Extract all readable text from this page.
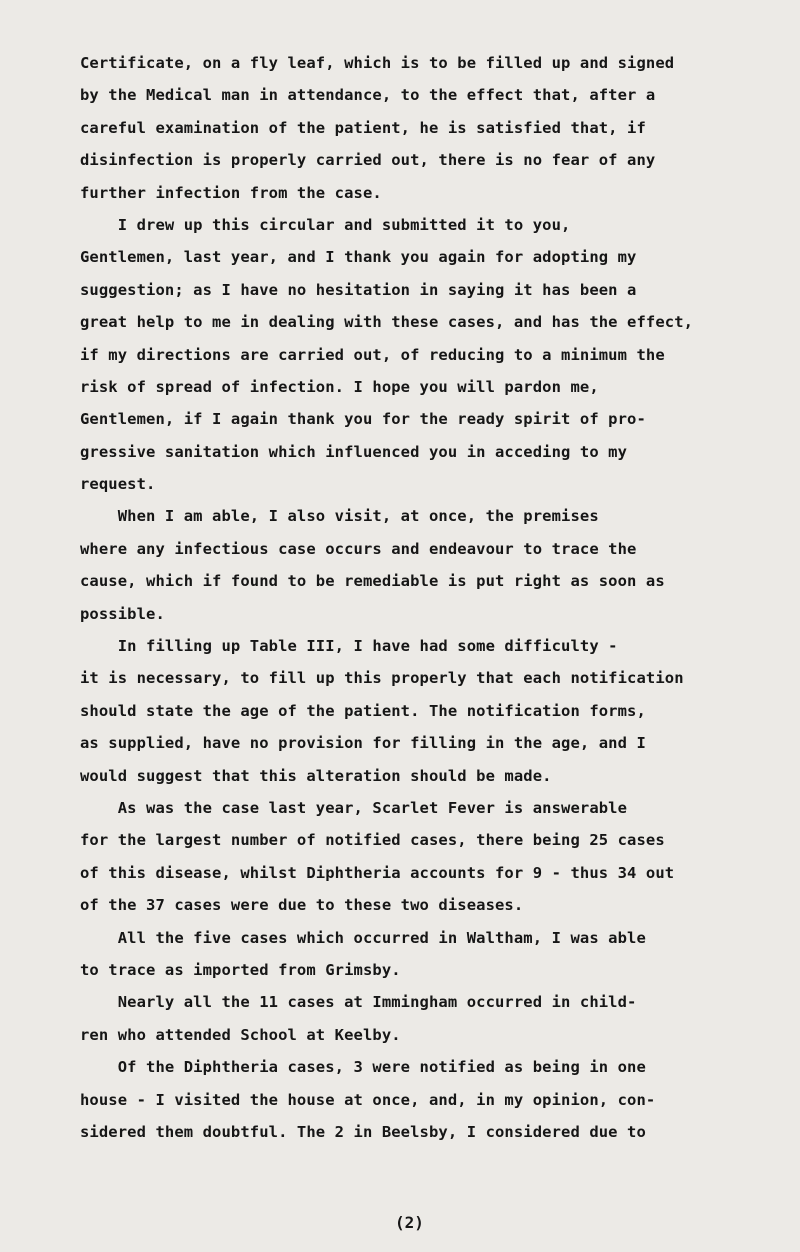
Certificate, on a fly leaf, which is to be filled up and signed
by the Medical man in attendance, to the effect that, after a
careful examination of the patient, he is satisfied that, if
disinfection is properly carried out, there is no fear of any
further infection from the case.
I drew up this circular and submitted it to you,
Gentlemen, last year, and I thank you again for adopting my
suggestion; as I have no hesitation in saying it has been a
great help to me in dealing with these cases, and has the effect,
if my directions are carried out, of reducing to a minimum the
risk of spread of infection. I hope you will pardon me,
Gentlemen, if I again thank you for the ready spirit of pro-
gressive sanitation which influenced you in acceding to my
request.
When I am able, I also visit, at once, the premises
where any infectious case occurs and endeavour to trace the
cause, which if found to be remediable is put right as soon as
possible.
In filling up Table III, I have had some difficulty -
it is necessary, to fill up this properly that each notification
should state the age of the patient. The notification forms,
as supplied, have no provision for filling in the age, and I
would suggest that this alteration should be made.
As was the case last year, Scarlet Fever is answerable
for the largest number of notified cases, there being 25 cases
of this disease, whilst Diphtheria accounts for 9 - thus 34 out
of the 37 cases were due to these two diseases.
All the five cases which occurred in Waltham, I was able
to trace as imported from Grimsby.
Nearly all the 11 cases at Immingham occurred in child-
ren who attended School at Keelby.
Of the Diphtheria cases, 3 were notified as being in one
house - I visited the house at once, and, in my opinion, con-
sidered them doubtful. The 2 in Beelsby, I considered due to
(2)
